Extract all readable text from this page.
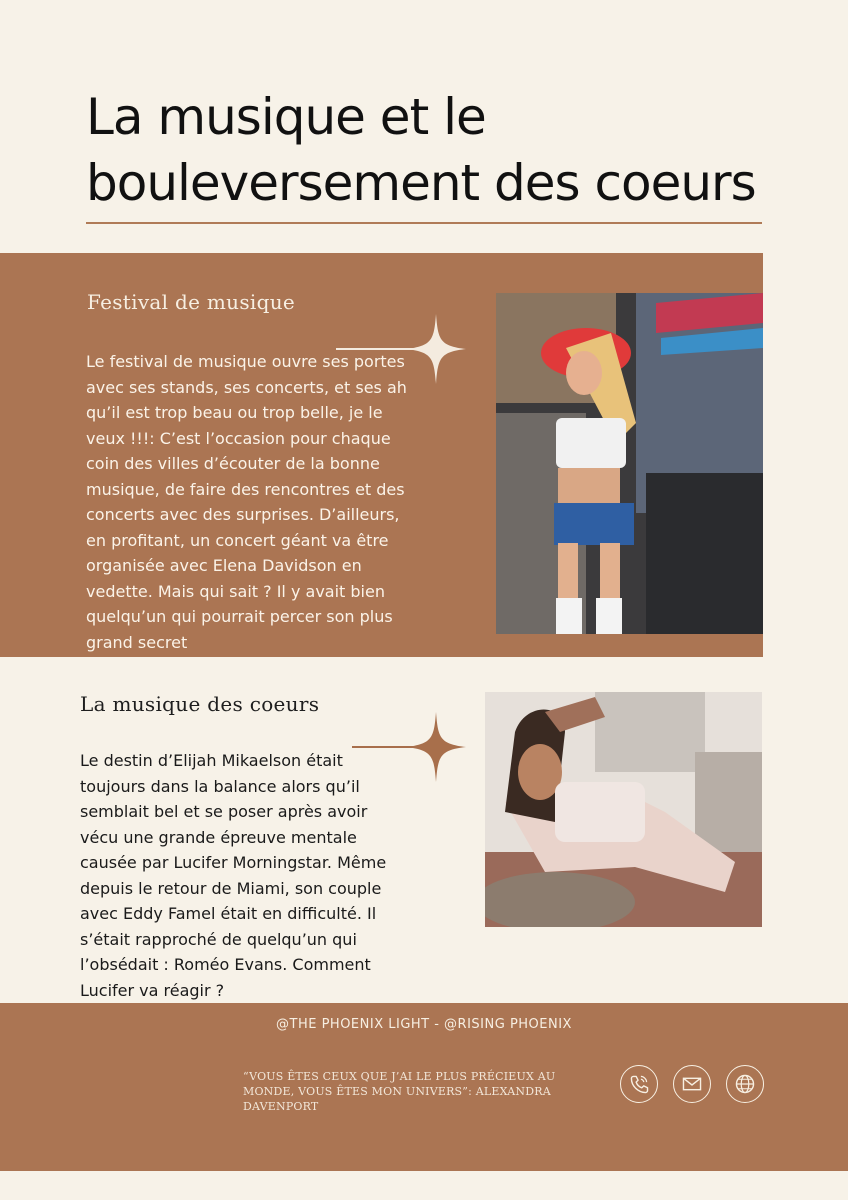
La musique et le
bouleversement des coeurs
Festival de musique

Le festival de musique ouvre ses portes avec ses stands, ses concerts, et ses ah qu’il est trop beau ou trop belle, je le veux !!!: C’est l’occasion pour chaque coin des villes d’écouter de la bonne musique, de faire des rencontres et des concerts avec des surprises. D’ailleurs, en profitant, un concert géant va être organisée avec Elena Davidson en vedette. Mais qui sait ? Il y avait bien quelqu’un qui pourrait percer son plus grand secret

La musique des coeurs

Le destin d’Elijah Mikaelson était toujours dans la balance alors qu’il semblait bel et se poser après avoir vécu une grande épreuve mentale causée par Lucifer Morningstar. Même depuis le retour de Miami, son couple avec Eddy Famel était en difficulté. Il s’était rapproché de quelqu’un qui l’obsédait : Roméo Evans. Comment Lucifer va réagir ?

@THE PHOENIX LIGHT - @RISING PHOENIX
“VOUS ÊTES CEUX QUE J’AI LE PLUS PRÉCIEUX AU MONDE, VOUS ÊTES MON UNIVERS”: ALEXANDRA DAVENPORT
